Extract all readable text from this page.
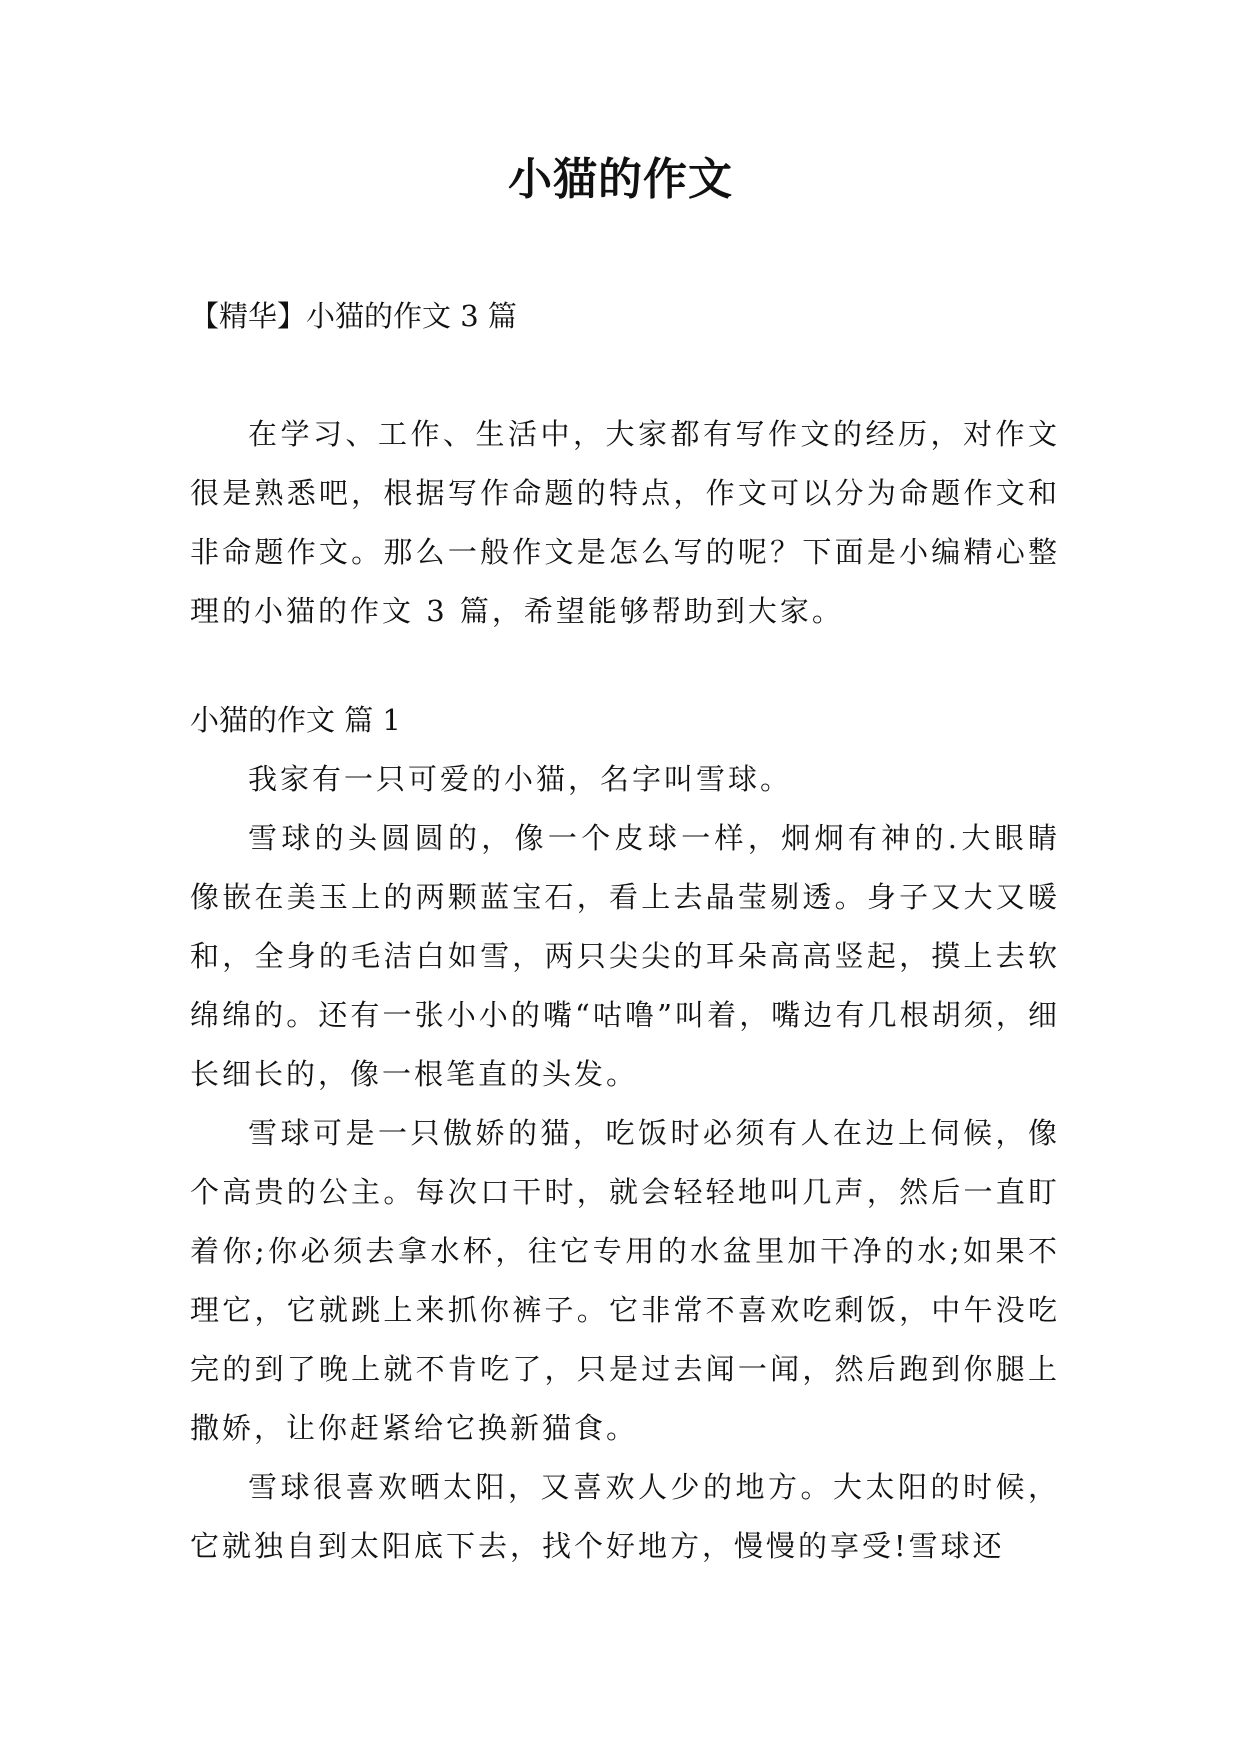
小猫的作文
【精华】小猫的作文 3 篇

在学习、工作、生活中，大家都有写作文的经历，对作文很是熟悉吧，根据写作命题的特点，作文可以分为命题作文和非命题作文。那么一般作文是怎么写的呢？下面是小编精心整理的小猫的作文 3 篇，希望能够帮助到大家。

小猫的作文 篇 1

我家有一只可爱的小猫，名字叫雪球。

雪球的头圆圆的，像一个皮球一样，炯炯有神的.大眼睛像嵌在美玉上的两颗蓝宝石，看上去晶莹剔透。身子又大又暖和，全身的毛洁白如雪，两只尖尖的耳朵高高竖起，摸上去软绵绵的。还有一张小小的嘴“咕噜”叫着，嘴边有几根胡须，细长细长的，像一根笔直的头发。

雪球可是一只傲娇的猫，吃饭时必须有人在边上伺候，像个高贵的公主。每次口干时，就会轻轻地叫几声，然后一直盯着你;你必须去拿水杯，往它专用的水盆里加干净的水;如果不理它，它就跳上来抓你裤子。它非常不喜欢吃剩饭，中午没吃完的到了晚上就不肯吃了，只是过去闻一闻，然后跑到你腿上撒娇，让你赶紧给它换新猫食。

雪球很喜欢晒太阳，又喜欢人少的地方。大太阳的时候，它就独自到太阳底下去，找个好地方，慢慢的享受!雪球还
